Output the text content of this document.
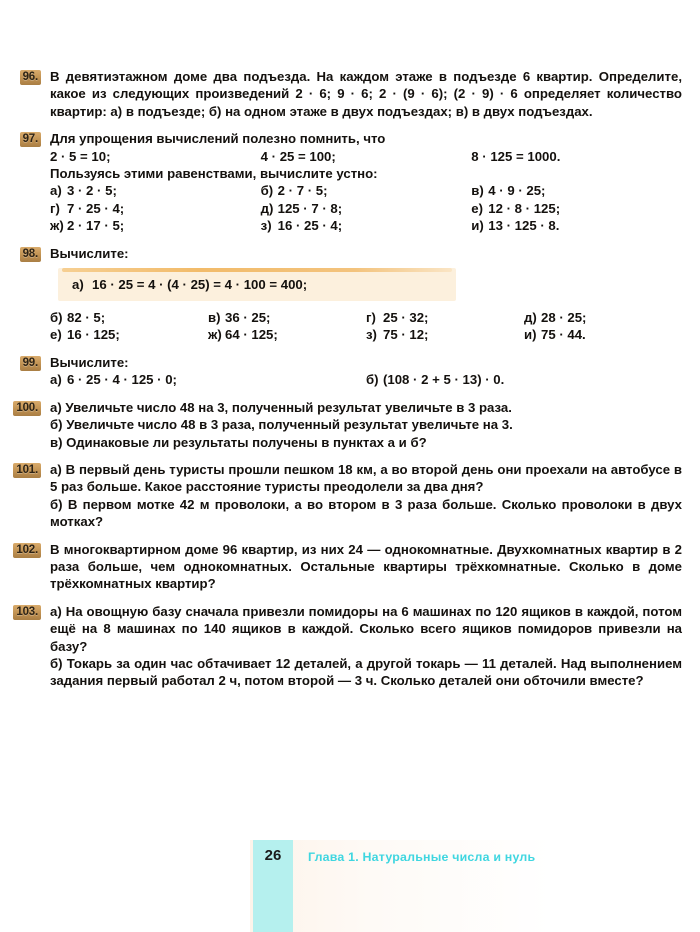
96. В девятиэтажном доме два подъезда. На каждом этаже в подъезде 6 квартир. Определите, какое из следующих произведений 2 · 6; 9 · 6; 2 · (9 · 6); (2 · 9) · 6 определяет количество квартир: а) в подъезде; б) на одном этаже в двух подъездах; в) в двух подъездах.

97. Для упрощения вычислений полезно помнить, что

2 · 5 = 10;	4 · 25 = 100;	8 · 125 = 1000.

Пользуясь этими равенствами, вычислите устно:

а) 3 · 2 · 5;	б) 2 · 7 · 5;	в) 4 · 9 · 25;
г) 7 · 25 · 4;	д) 125 · 7 · 8;	е) 12 · 8 · 125;
ж) 2 · 17 · 5;	з) 16 · 25 · 4;	и) 13 · 125 · 8.
98. Вычислите:

а) 16 · 25 = 4 · (4 · 25) = 4 · 100 = 400;
б) 82 · 5;	в) 36 · 25;	г) 25 · 32;	д) 28 · 25;
е) 16 · 125;	ж) 64 · 125;	з) 75 · 12;	и) 75 · 44.
99. Вычислите:

а) 6 · 25 · 4 · 125 · 0;	б) (108 · 2 + 5 · 13) · 0.
100. а) Увеличьте число 48 на 3, полученный результат увеличьте в 3 раза.

б) Увеличьте число 48 в 3 раза, полученный результат увеличьте на 3.

в) Одинаковые ли результаты получены в пунктах а и б?

101. а) В первый день туристы прошли пешком 18 км, а во второй день они проехали на автобусе в 5 раз больше. Какое расстояние туристы преодолели за два дня?

б) В первом мотке 42 м проволоки, а во втором в 3 раза больше. Сколько проволоки в двух мотках?

102. В многоквартирном доме 96 квартир, из них 24 — однокомнатные. Двухкомнатных квартир в 2 раза больше, чем однокомнатных. Остальные квартиры трёхкомнатные. Сколько в доме трёхкомнатных квартир?

103. а) На овощную базу сначала привезли помидоры на 6 машинах по 120 ящиков в каждой, потом ещё на 8 машинах по 140 ящиков в каждой. Сколько всего ящиков помидоров привезли на базу?

б) Токарь за один час обтачивает 12 деталей, а другой токарь — 11 деталей. Над выполнением задания первый работал 2 ч, потом второй — 3 ч. Сколько деталей они обточили вместе?

26	Глава 1. Натуральные числа и нуль
